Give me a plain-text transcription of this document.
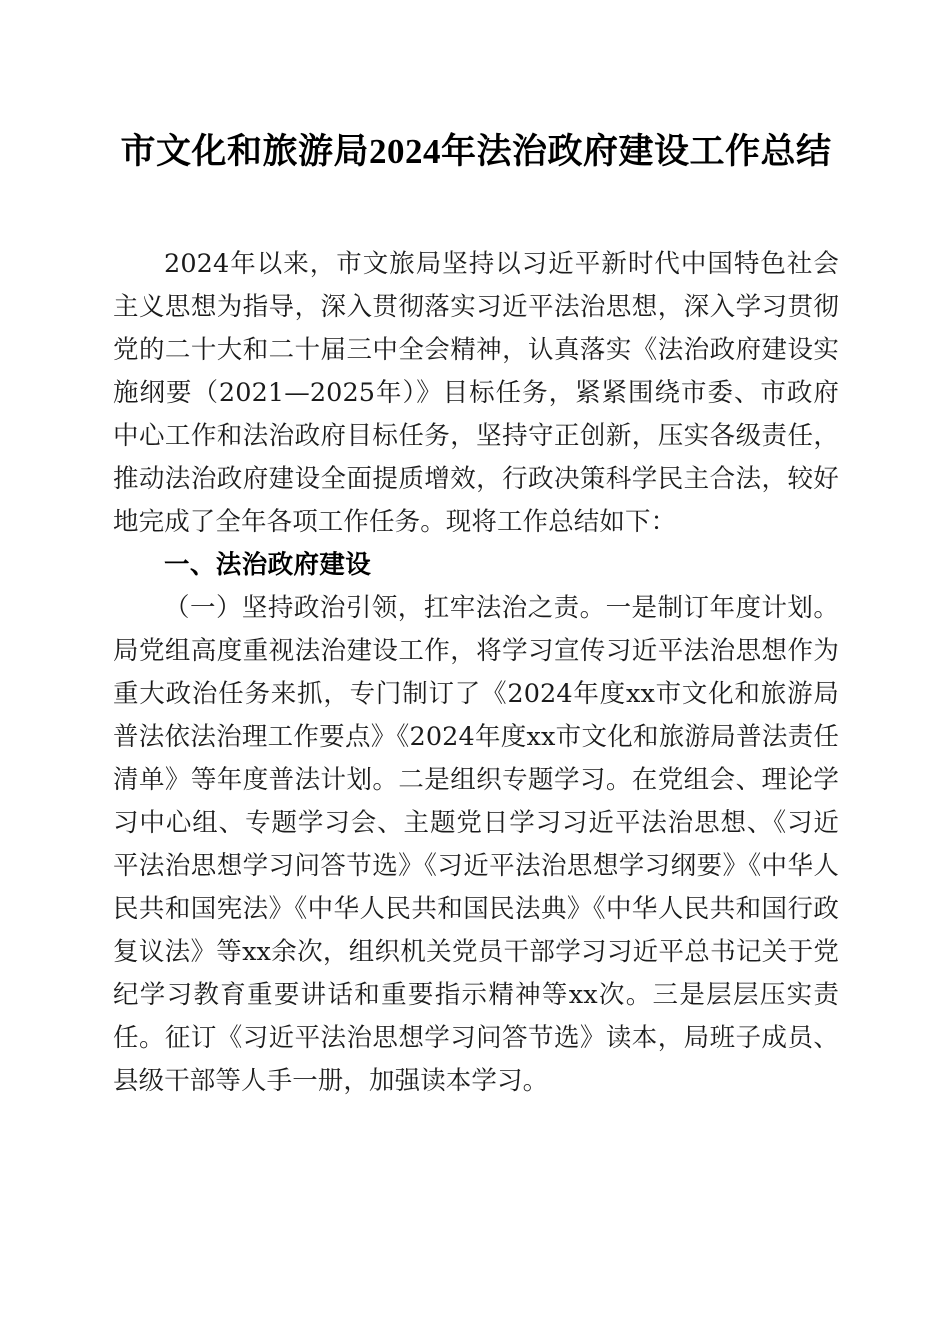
市文化和旅游局2024年法治政府建设工作总结

2024年以来，市文旅局坚持以习近平新时代中国特色社会主义思想为指导，深入贯彻落实习近平法治思想，深入学习贯彻党的二十大和二十届三中全会精神，认真落实《法治政府建设实施纲要（2021—2025年）》目标任务，紧紧围绕市委、市政府中心工作和法治政府目标任务，坚持守正创新，压实各级责任，推动法治政府建设全面提质增效，行政决策科学民主合法，较好地完成了全年各项工作任务。现将工作总结如下：

一、法治政府建设

（一）坚持政治引领，扛牢法治之责。一是制订年度计划。局党组高度重视法治建设工作，将学习宣传习近平法治思想作为重大政治任务来抓，专门制订了《2024年度xx市文化和旅游局普法依法治理工作要点》《2024年度xx市文化和旅游局普法责任清单》等年度普法计划。二是组织专题学习。在党组会、理论学习中心组、专题学习会、主题党日学习习近平法治思想、《习近平法治思想学习问答节选》《习近平法治思想学习纲要》《中华人民共和国宪法》《中华人民共和国民法典》《中华人民共和国行政复议法》等xx余次，组织机关党员干部学习习近平总书记关于党纪学习教育重要讲话和重要指示精神等xx次。三是层层压实责任。征订《习近平法治思想学习问答节选》读本，局班子成员、县级干部等人手一册，加强读本学习。
